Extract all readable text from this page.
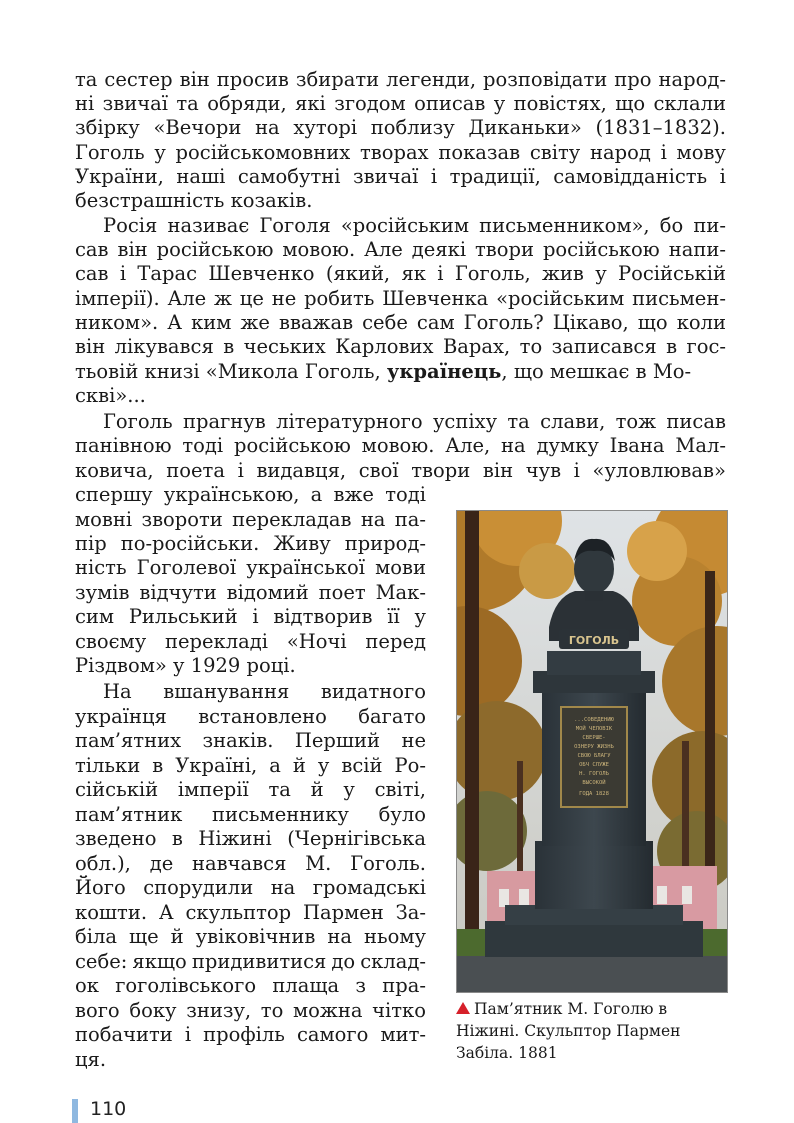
та сестер він просив збирати легенди, розповідати про народ-
ні звичаї та обряди, які згодом описав у повістях, що склали
збірку «Вечори на хуторі поблизу Диканьки» (1831–1832).
Гоголь у російськомовних творах показав світу народ і мову
України, наші самобутні звичаї і традиції, самовідданість і
безстрашність козаків.
Росія називає Гоголя «російським письменником», бо пи-
сав він російською мовою. Але деякі твори російською напи-
сав і Тарас Шевченко (який, як і Гоголь, жив у Російській
імперії). Але ж це не робить Шевченка «російським письмен-
ником». А ким же вважав себе сам Гоголь? Цікаво, що коли
він лікувався в чеських Карлових Варах, то записався в гос-
тьовій книзі «Микола Гоголь,
українець , що мешкає в Мо-
скві»...
Гоголь прагнув літературного успіху та слави, тож писав
панівною тоді російською мовою. Але, на думку Івана Мал-
ковича, поета і видавця, свої твори він чув і «уловлював»
спершу українською, а вже тоді
мовні звороти перекладав на па-
пір по-російськи. Живу природ-
ність Гоголевої української мови
зумів відчути відомий поет Мак-
сим Рильський і відтворив її у
своєму перекладі «Ночі перед
Різдвом» у 1929 році.
На вшанування видатного
українця встановлено багато
пам’ятних знаків. Перший не
тільки в Україні, а й у всій Ро-
сійській імперії та й у світі,
пам’ятник письменнику було
зведено в Ніжині (Чернігівська
обл.), де навчався М. Гоголь.
Його спорудили на громадські
кошти. А скульптор Пармен За-
біла ще й увіковічнив на ньому
себе: якщо придивитися до склад-
ок гоголівського плаща з пра-
вого боку знизу, то можна чітко
побачити і профіль самого мит-
ця.
...СОВЕДЕНИЮ
МОЙ ЧЕЛОВІК
СВЕРШЕ-
ОЗНЕРУ ЖИЗНЬ
СВОЮ БЛАГУ
ОБЧ СЛУЖЕ
Н. ГОГОЛЬ
ВЫСОКОЙ
ГОДА 1828
ГОГОЛЬ
Пам’ятник М. Гоголю в
Ніжині. Скульптор Пармен
Забіла. 1881
110
